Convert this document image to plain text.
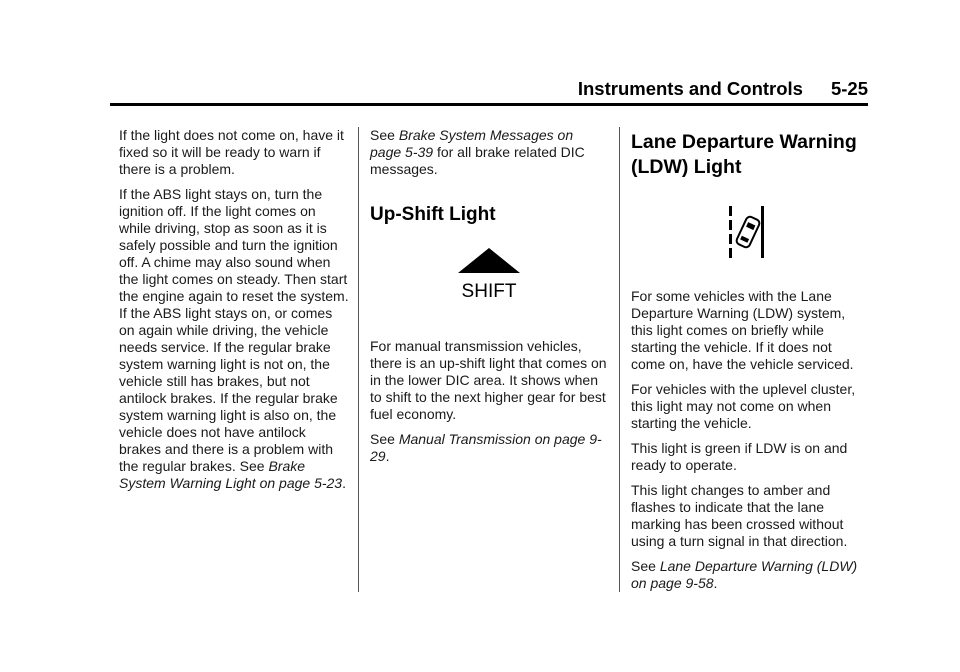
Instruments and Controls 5-25

If the light does not come on, have it fixed so it will be ready to warn if there is a problem.

If the ABS light stays on, turn the ignition off. If the light comes on while driving, stop as soon as it is safely possible and turn the ignition off. A chime may also sound when the light comes on steady. Then start the engine again to reset the system. If the ABS light stays on, or comes on again while driving, the vehicle needs service. If the regular brake system warning light is not on, the vehicle still has brakes, but not antilock brakes. If the regular brake system warning light is also on, the vehicle does not have antilock brakes and there is a problem with the regular brakes. See Brake System Warning Light on page 5-23.

See Brake System Messages on page 5-39 for all brake related DIC messages.

Up-Shift Light
SHIFT

For manual transmission vehicles, there is an up-shift light that comes on in the lower DIC area. It shows when to shift to the next higher gear for best fuel economy.

See Manual Transmission on page 9-29.

Lane Departure Warning (LDW) Light

For some vehicles with the Lane Departure Warning (LDW) system, this light comes on briefly while starting the vehicle. If it does not come on, have the vehicle serviced.

For vehicles with the uplevel cluster, this light may not come on when starting the vehicle.

This light is green if LDW is on and ready to operate.

This light changes to amber and flashes to indicate that the lane marking has been crossed without using a turn signal in that direction.

See Lane Departure Warning (LDW) on page 9-58.
